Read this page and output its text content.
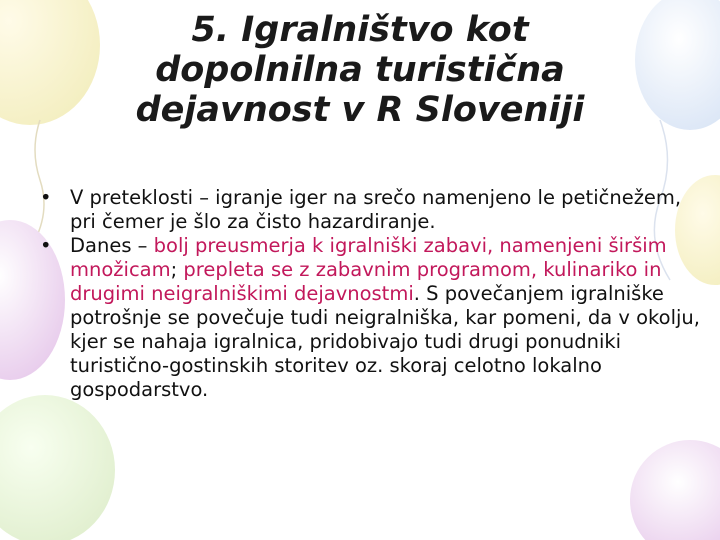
5. Igralništvo kot
dopolnilna turistična
dejavnost v R Sloveniji
• V preteklosti – igranje iger na srečo namenjeno le petičnežem, pri čemer je šlo za čisto hazardiranje.
• Danes – bolj preusmerja k igralniški zabavi, namenjeni širšim množicam; prepleta se z zabavnim programom, kulinariko in drugimi neigralniškimi dejavnostmi. S povečanjem igralniške potrošnje se povečuje tudi neigralniška, kar pomeni, da v okolju, kjer se nahaja igralnica, pridobivajo tudi drugi ponudniki turistično-gostinskih storitev oz. skoraj celotno lokalno gospodarstvo.
